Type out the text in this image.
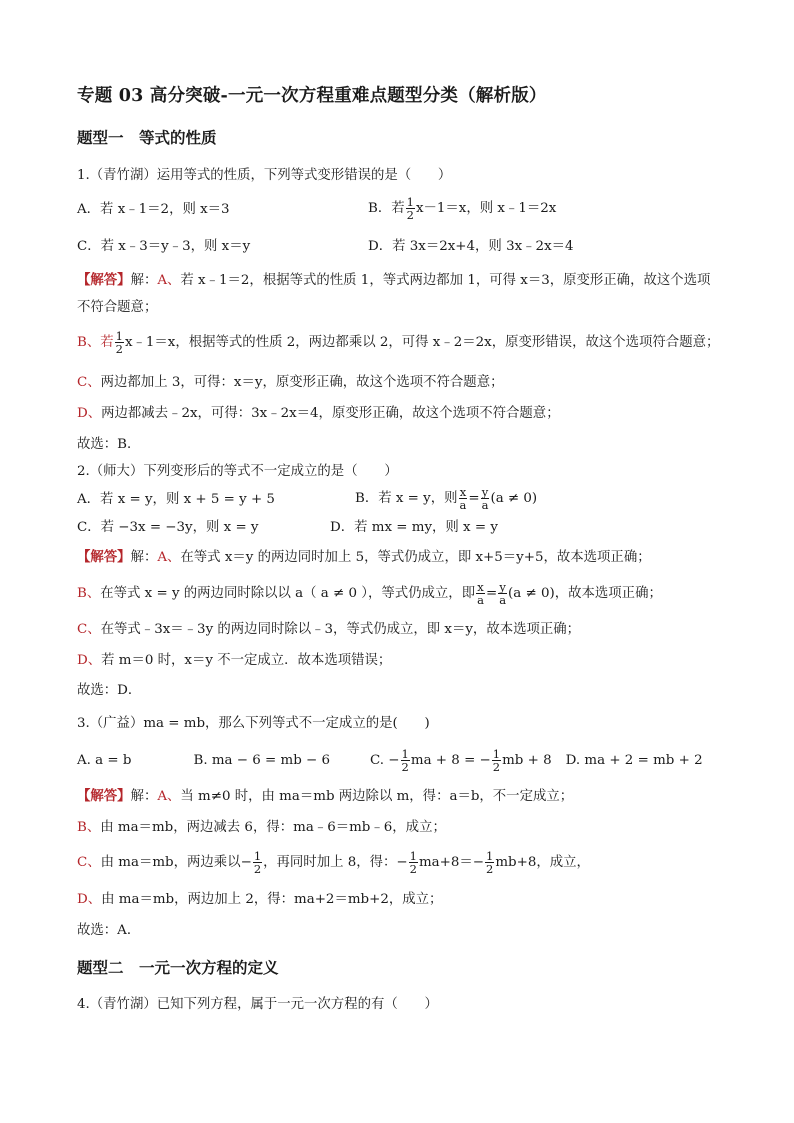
专题 03 高分突破-一元一次方程重难点题型分类（解析版）
题型一　等式的性质
1.（青竹湖）运用等式的性质，下列等式变形错误的是（　　）
A．若 x﹣1＝2，则 x＝3	B．若 $\frac{1}{2} x-1=x$，则 x﹣1＝2x
C．若 x﹣3＝y﹣3，则 x＝y	D．若 3x＝2x+4，则 3x﹣2x＝4
【解答】解：A、若 x﹣1＝2，根据等式的性质 1，等式两边都加 1，可得 x＝3，原变形正确，故这个选项
不符合题意；
B、若 $\frac{1}{2}$ x﹣1＝x，根据等式的性质 2，两边都乘以 2，可得 x﹣2＝2x，原变形错误，故这个选项符合题意；
C、两边都加上 3，可得：x＝y，原变形正确，故这个选项不符合题意；
D、两边都减去﹣2x，可得：3x﹣2x＝4，原变形正确，故这个选项不符合题意；
故选：B．
2.（师大）下列变形后的等式不一定成立的是（　　）
A．若 x = y，则 x + 5 = y + 5	B．若 x = y，则 $\frac{x}{a} = \frac{y}{a} (a \ne 0)$
C．若 −3x = −3y，则 x = y	D．若 mx = my，则 x = y
【解答】解：A、在等式 x＝y 的两边同时加上 5，等式仍成立，即 x+5＝y+5，故本选项正确；
B、在等式 x = y 的两边同时除以以 a（ a ≠ 0 ），等式仍成立，即 $\frac{x}{a} = \frac{y}{a} (a \ne 0)$，故本选项正确；
C、在等式﹣3x＝﹣3y 的两边同时除以﹣3，等式仍成立，即 x＝y，故本选项正确；
D、若 m＝0 时，x＝y 不一定成立．故本选项错误；
故选：D．
3.（广益）ma = mb，那么下列等式不一定成立的是(　　)
A. a = b	B. ma − 6 = mb − 6	C. − $\frac{1}{2}$ ma + 8 = − $\frac{1}{2}$ mb + 8 D. ma + 2 = mb + 2
【解答】解：A、当 m≠0 时，由 ma＝mb 两边除以 m，得：a＝b，不一定成立；
B、由 ma＝mb，两边减去 6，得：ma﹣6＝mb﹣6，成立；
C、由 ma＝mb，两边乘以− $\frac{1}{2}$ ，再同时加上 8，得：− $\frac{1}{2} ma+8=- \frac{1}{2} mb+8$，成立，
D、由 ma＝mb，两边加上 2，得：ma+2＝mb+2，成立；
故选：A．
题型二　一元一次方程的定义
4.（青竹湖）已知下列方程，属于一元一次方程的有（　　）
